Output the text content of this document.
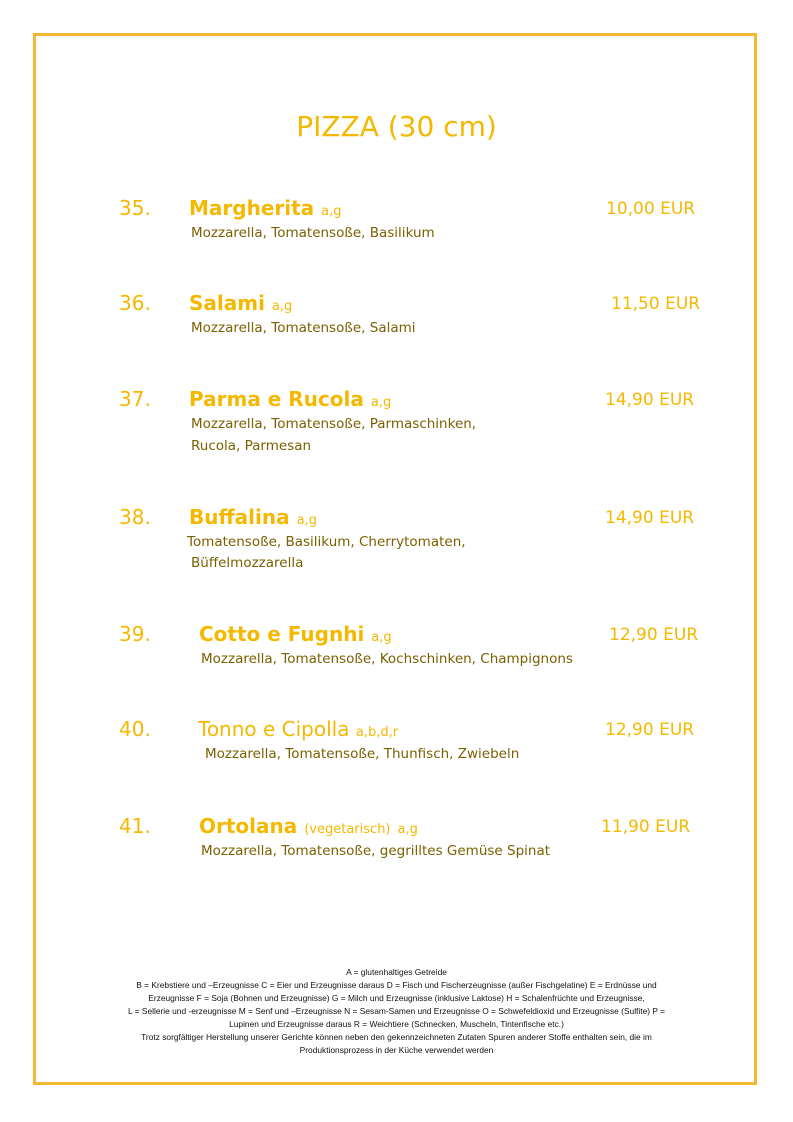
PIZZA (30 cm)
35. Margherita a,g	10,00 EUR
Mozzarella, Tomatensoße, Basilikum
36. Salami a,g	11,50 EUR
Mozzarella, Tomatensoße, Salami
37. Parma e Rucola a,g	14,90 EUR
Mozzarella, Tomatensoße, Parmaschinken,
Rucola, Parmesan
38. Buffalina a,g	14,90 EUR
Tomatensoße, Basilikum, Cherrytomaten,
Büffelmozzarella
39. Cotto e Fugnhi a,g	12,90 EUR
Mozzarella, Tomatensoße, Kochschinken, Champignons
40. Tonno e Cipolla a,b,d,r	12,90 EUR
Mozzarella, Tomatensoße, Thunfisch, Zwiebeln
41. Ortolana (vegetarisch) a,g	11,90 EUR
Mozzarella, Tomatensoße, gegrilltes Gemüse Spinat
A = glutenhaltiges Getreide
B = Krebstiere und –Erzeugnisse C = Eier und Erzeugnisse daraus D = Fisch und Fischerzeugnisse (außer Fischgelatine) E = Erdnüsse und
Erzeugnisse F = Soja (Bohnen und Erzeugnisse) G = Milch und Erzeugnisse (inklusive Laktose) H = Schalenfrüchte und Erzeugnisse,
L = Sellerie und -erzeugnisse M = Senf und –Erzeugnisse N = Sesam-Samen und Erzeugnisse O = Schwefeldioxid und Erzeugnisse (Sulfite) P =
Lupinen und Erzeugnisse daraus R = Weichtiere (Schnecken, Muscheln, Tintenfische etc.)
Trotz sorgfältiger Herstellung unserer Gerichte können neben den gekennzeichneten Zutaten Spuren anderer Stoffe enthalten sein, die im
Produktionsprozess in der Küche verwendet werden
